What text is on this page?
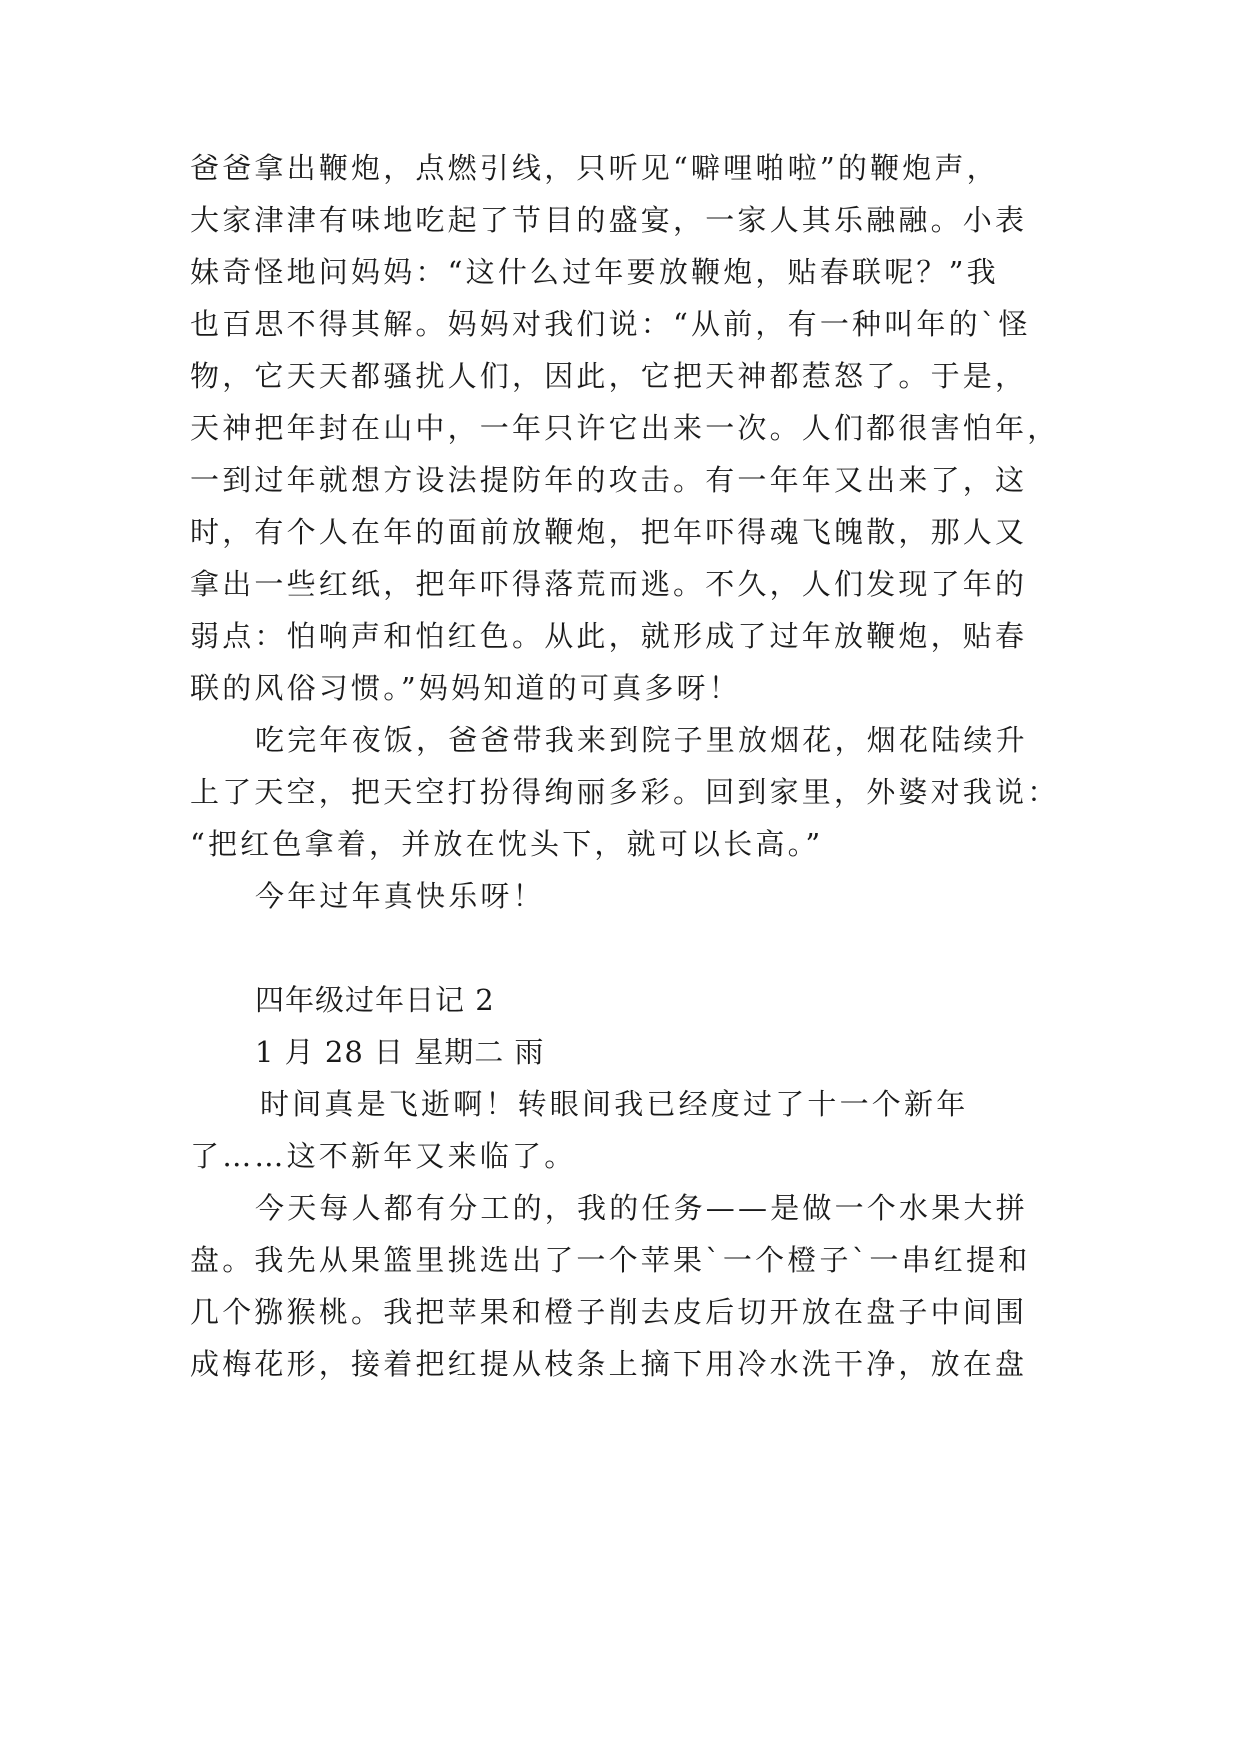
爸爸拿出鞭炮，点燃引线，只听见“噼哩啪啦”的鞭炮声，
大家津津有味地吃起了节目的盛宴，一家人其乐融融。小表
妹奇怪地问妈妈：“这什么过年要放鞭炮，贴春联呢？”我
也百思不得其解。妈妈对我们说：“从前，有一种叫年的`怪
物，它天天都骚扰人们，因此，它把天神都惹怒了。于是，
天神把年封在山中，一年只许它出来一次。人们都很害怕年，
一到过年就想方设法提防年的攻击。有一年年又出来了，这
时，有个人在年的面前放鞭炮，把年吓得魂飞魄散，那人又
拿出一些红纸，把年吓得落荒而逃。不久，人们发现了年的
弱点：怕响声和怕红色。从此，就形成了过年放鞭炮，贴春
联的风俗习惯。”妈妈知道的可真多呀！
吃完年夜饭，爸爸带我来到院子里放烟花，烟花陆续升
上了天空，把天空打扮得绚丽多彩。回到家里，外婆对我说：
“把红色拿着，并放在忱头下，就可以长高。”
今年过年真快乐呀！
四年级过年日记 2
1 月 28 日 星期二 雨
时间真是飞逝啊！转眼间我已经度过了十一个新年
了……这不新年又来临了。
今天每人都有分工的，我的任务——是做一个水果大拼
盘。我先从果篮里挑选出了一个苹果`一个橙子`一串红提和
几个猕猴桃。我把苹果和橙子削去皮后切开放在盘子中间围
成梅花形，接着把红提从枝条上摘下用冷水洗干净，放在盘
